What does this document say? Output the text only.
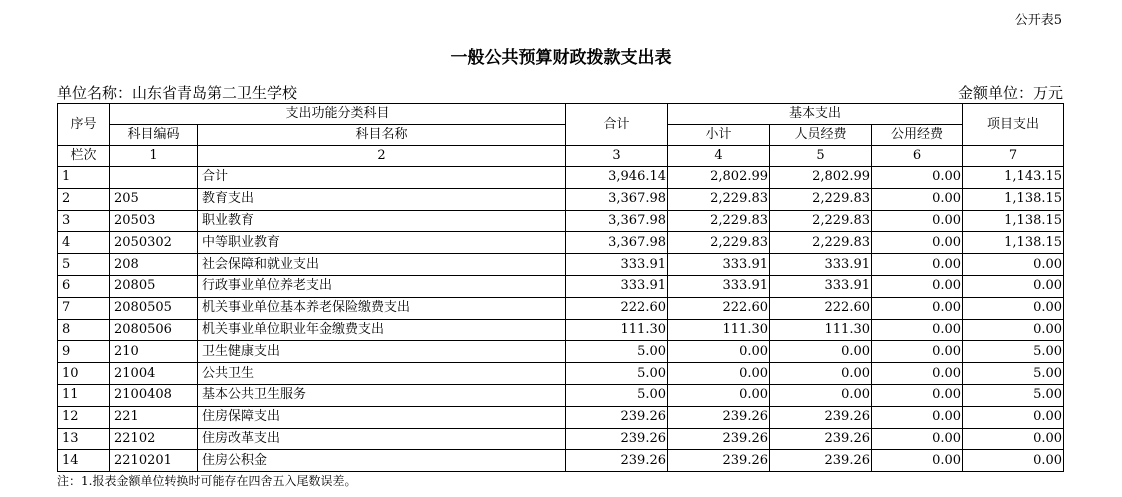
公开表5
一般公共预算财政拨款支出表
单位名称：山东省青岛第二卫生学校	金额单位：万元
序号	支出功能分类科目		合计	基本支出			项目支出
	科目编码	科目名称		小计	人员经费	公用经费	
栏次	1	2	3	4	5	6	7
1		合计	3,946.14	2,802.99	2,802.99	0.00	1,143.15
2	205	教育支出	3,367.98	2,229.83	2,229.83	0.00	1,138.15
3	20503	职业教育	3,367.98	2,229.83	2,229.83	0.00	1,138.15
4	2050302	中等职业教育	3,367.98	2,229.83	2,229.83	0.00	1,138.15
5	208	社会保障和就业支出	333.91	333.91	333.91	0.00	0.00
6	20805	行政事业单位养老支出	333.91	333.91	333.91	0.00	0.00
7	2080505	机关事业单位基本养老保险缴费支出	222.60	222.60	222.60	0.00	0.00
8	2080506	机关事业单位职业年金缴费支出	111.30	111.30	111.30	0.00	0.00
9	210	卫生健康支出	5.00	0.00	0.00	0.00	5.00
10	21004	公共卫生	5.00	0.00	0.00	0.00	5.00
11	2100408	基本公共卫生服务	5.00	0.00	0.00	0.00	5.00
12	221	住房保障支出	239.26	239.26	239.26	0.00	0.00
13	22102	住房改革支出	239.26	239.26	239.26	0.00	0.00
14	2210201	住房公积金	239.26	239.26	239.26	0.00	0.00
注：1.报表金额单位转换时可能存在四舍五入尾数误差。
